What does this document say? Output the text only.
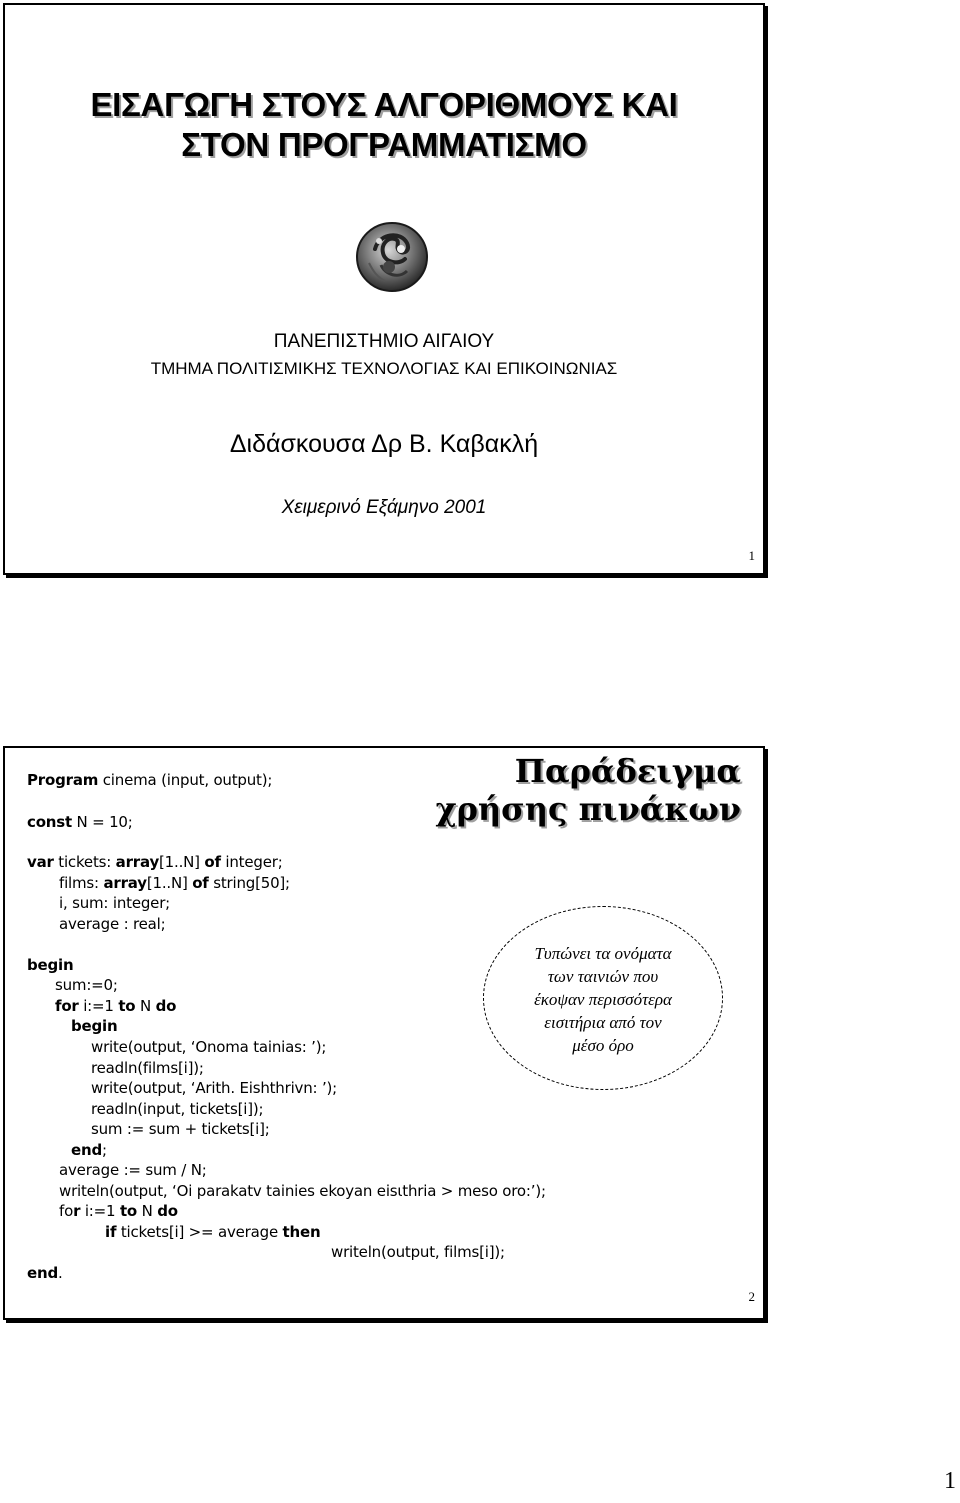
ΕΙΣΑΓΩΓΗ ΣΤΟΥΣ ΑΛΓΟΡΙΘΜΟΥΣ ΚΑΙ
ΣΤΟΝ ΠΡΟΓΡΑΜΜΑΤΙΣΜΟ
ΠΑΝΕΠΙΣΤΗΜΙΟ ΑΙΓΑΙΟΥ
ΤΜΗΜΑ ΠΟΛΙΤΙΣΜΙΚΗΣ ΤΕΧΝΟΛΟΓΙΑΣ ΚΑΙ ΕΠΙΚΟΙΝΩΝΙΑΣ
Διδάσκουσα Δρ Β. Καβακλή
Χειμερινό Εξάμηνο 2001
1
Παράδειγμα
χρήσης πινάκων
Program cinema (input, output);
const N = 10;
var tickets: array[1..N] of integer;
films: array[1..N] of string[50];
i, sum: integer;
average : real;
begin
sum:=0;
for i:=1 to N do
begin
write(output, ‘Onoma tainias: ’);
readln(films[i]);
write(output, ‘Arith. Eishthrivn: ’);
readln(input, tickets[i]);
sum := sum + tickets[i];
end;
average := sum / N;
writeln(output, ‘Oi parakatv tainies ekoyan eisιthria > meso oro:’);
for i:=1 to N do
if tickets[i] >= average then
writeln(output, films[i]);
end.
Τυπώνει τα ονόματα
των ταινιών που
έκοψαν περισσότερα
εισιτήρια από τον
μέσο όρο
2
1
